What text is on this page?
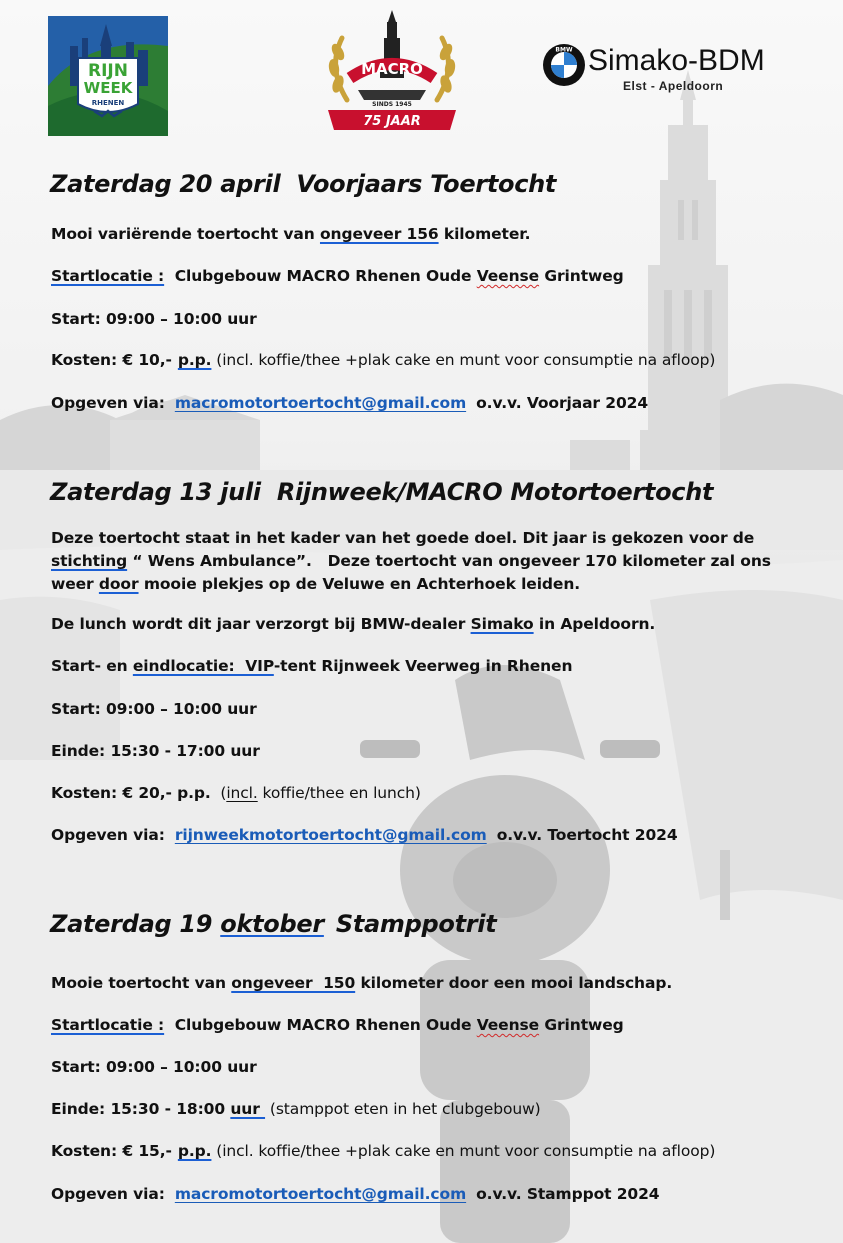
RIJN
WEEK
RHENEN
MACRO
SINDS 1945
75 JAAR
BMW Simako-BDM
Elst - Apeldoorn
Zaterdag 20 april Voorjaars Toertocht

Mooi variërende toertocht van ongeveer 156 kilometer.

Startlocatie :  Clubgebouw MACRO Rhenen Oude Veense Grintweg

Start: 09:00 – 10:00 uur

Kosten: € 10,- p.p. (incl. koffie/thee +plak cake en munt voor consumptie na afloop)

Opgeven via: macromotortoertocht@gmail.com o.v.v. Voorjaar 2024

Zaterdag 13 juli Rijnweek/MACRO Motortoertocht

Deze toertocht staat in het kader van het goede doel. Dit jaar is gekozen voor de stichting “ Wens Ambulance”.   Deze toertocht van ongeveer 170 kilometer zal ons weer door mooie plekjes op de Veluwe en Achterhoek leiden.

De lunch wordt dit jaar verzorgt bij BMW-dealer Simako in Apeldoorn.

Start- en eindlocatie:  VIP-tent Rijnweek Veerweg in Rhenen

Start: 09:00 – 10:00 uur

Einde: 15:30 - 17:00 uur

Kosten: € 20,- p.p.  (incl. koffie/thee en lunch)

Opgeven via: rijnweekmotortoertocht@gmail.com o.v.v. Toertocht 2024

Zaterdag 19 oktober Stamppotrit

Mooie toertocht van ongeveer  150 kilometer door een mooi landschap.

Startlocatie :  Clubgebouw MACRO Rhenen Oude Veense Grintweg

Start: 09:00 – 10:00 uur

Einde: 15:30 - 18:00 uur  (stamppot eten in het clubgebouw)

Kosten: € 15,- p.p. (incl. koffie/thee +plak cake en munt voor consumptie na afloop)

Opgeven via: macromotortoertocht@gmail.com o.v.v. Stamppot 2024
